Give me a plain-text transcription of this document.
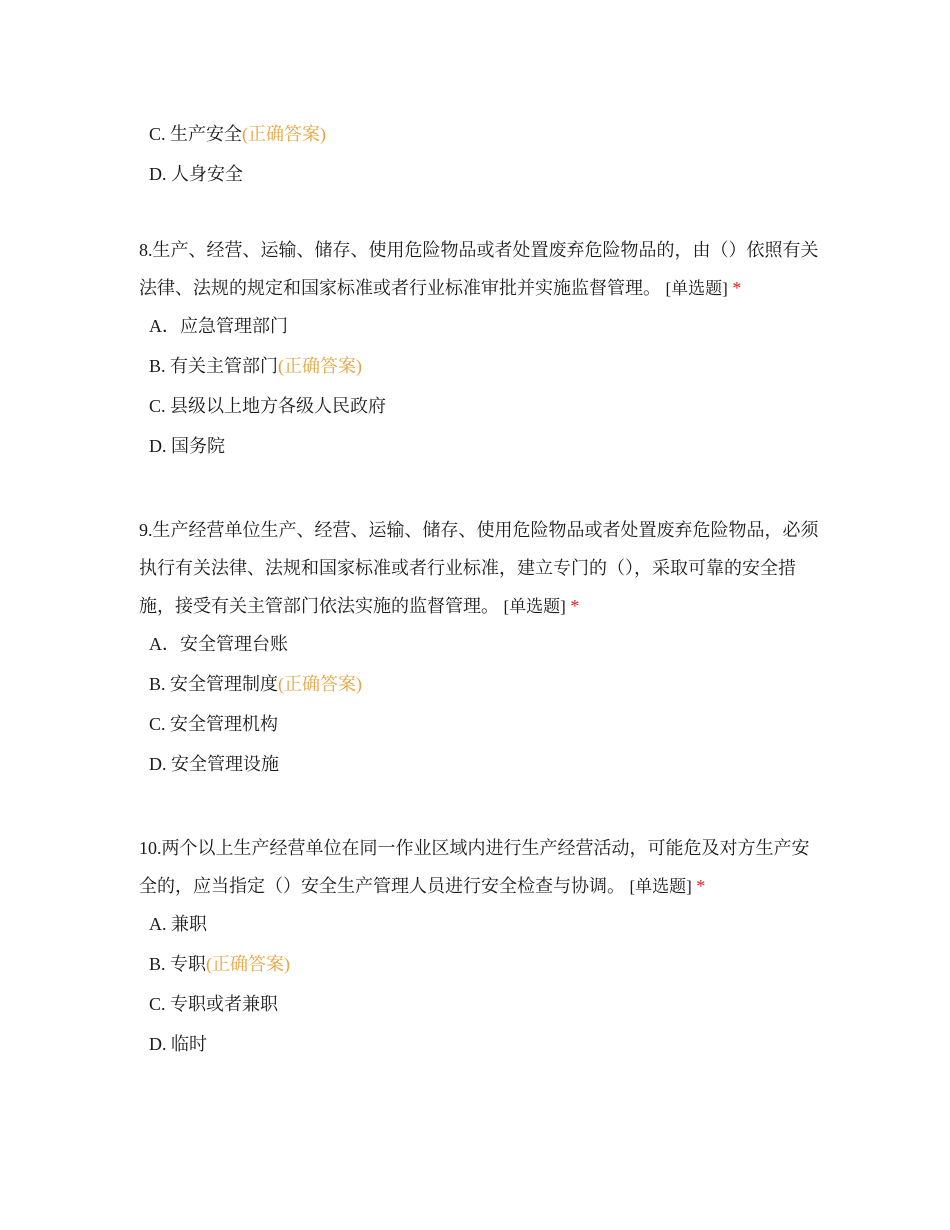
C. 生产安全(正确答案)
D. 人身安全
8.生产、经营、运输、储存、使用危险物品或者处置废弃危险物品的，由（）依照有关法律、法规的规定和国家标准或者行业标准审批并实施监督管理。 [单选题] *
A．应急管理部门
B. 有关主管部门(正确答案)
C. 县级以上地方各级人民政府
D. 国务院
9.生产经营单位生产、经营、运输、储存、使用危险物品或者处置废弃危险物品，必须执行有关法律、法规和国家标准或者行业标准，建立专门的（），采取可靠的安全措施，接受有关主管部门依法实施的监督管理。 [单选题] *
A．安全管理台账
B. 安全管理制度(正确答案)
C. 安全管理机构
D. 安全管理设施
10.两个以上生产经营单位在同一作业区域内进行生产经营活动，可能危及对方生产安全的，应当指定（）安全生产管理人员进行安全检查与协调。 [单选题] *
A. 兼职
B. 专职(正确答案)
C. 专职或者兼职
D. 临时
